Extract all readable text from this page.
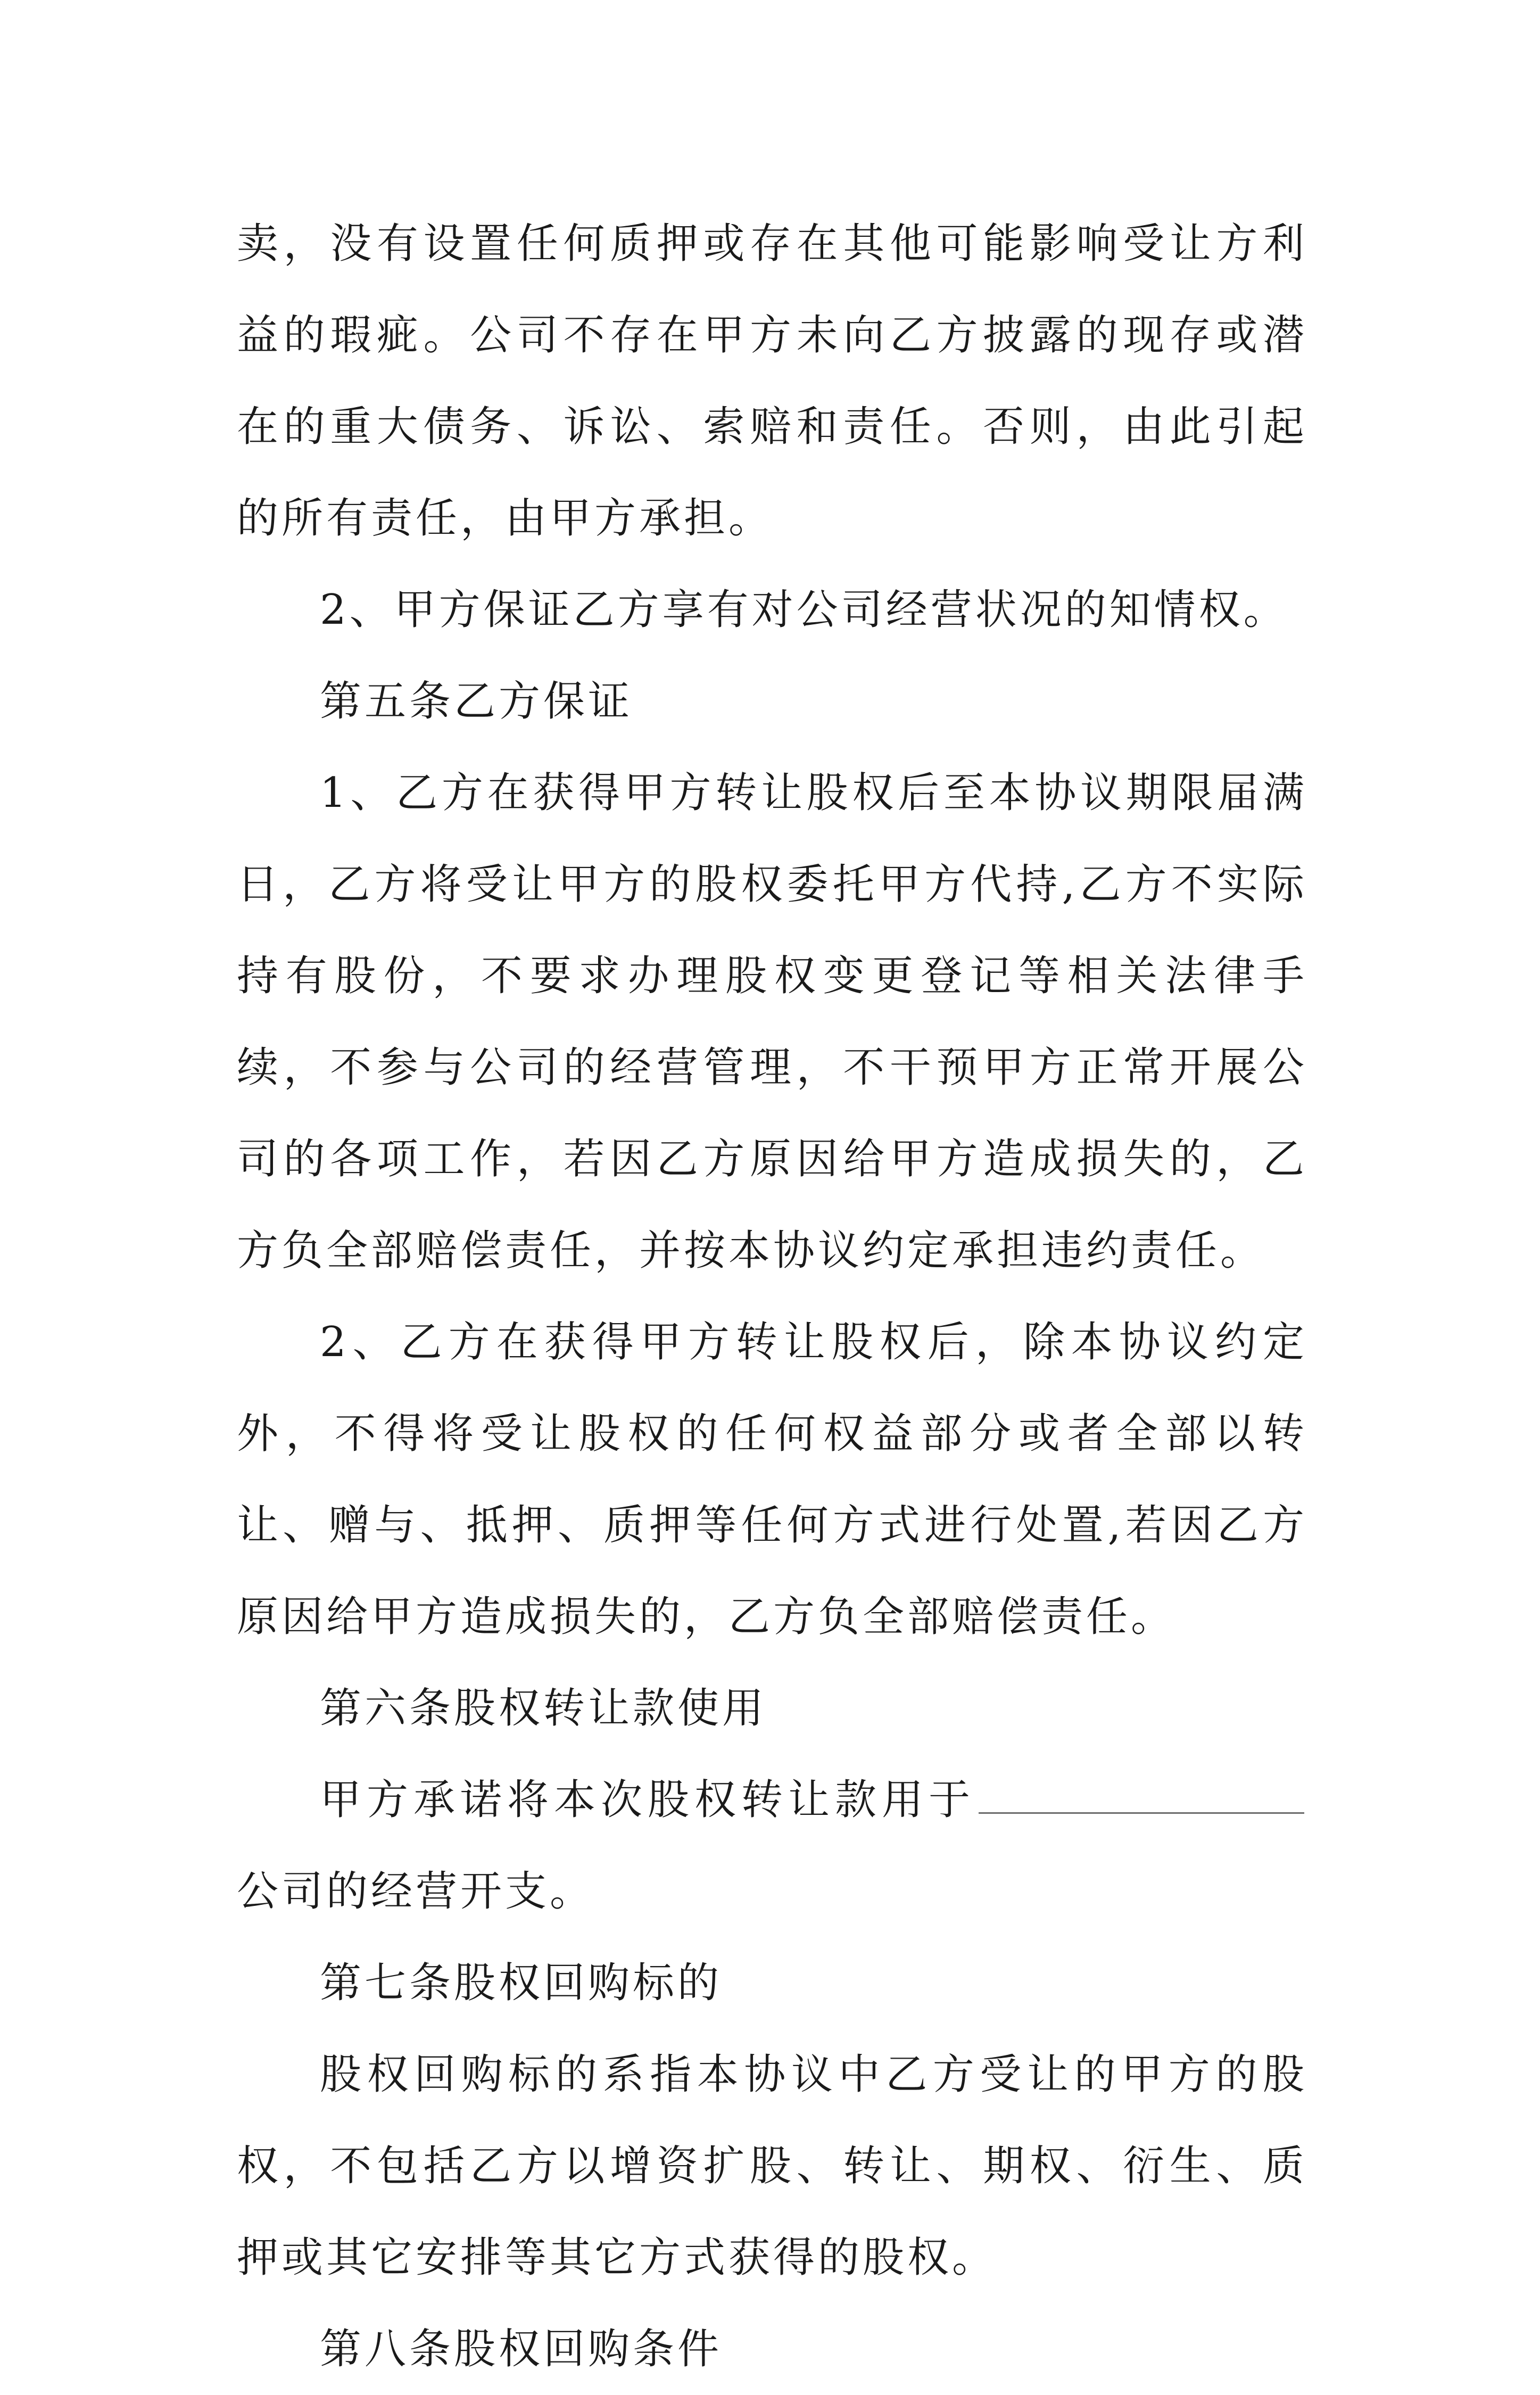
卖，没有设置任何质押或存在其他可能影响受让方利益的瑕疵。公司不存在甲方未向乙方披露的现存或潜在的重大债务、诉讼、索赔和责任。否则，由此引起的所有责任，由甲方承担。

2、甲方保证乙方享有对公司经营状况的知情权。

第五条乙方保证

1、乙方在获得甲方转让股权后至本协议期限届满日，乙方将受让甲方的股权委托甲方代持,乙方不实际持有股份，不要求办理股权变更登记等相关法律手续，不参与公司的经营管理，不干预甲方正常开展公司的各项工作，若因乙方原因给甲方造成损失的，乙方负全部赔偿责任，并按本协议约定承担违约责任。

2、乙方在获得甲方转让股权后，除本协议约定外，不得将受让股权的任何权益部分或者全部以转让、赠与、抵押、质押等任何方式进行处置,若因乙方原因给甲方造成损失的，乙方负全部赔偿责任。

第六条股权转让款使用

甲方承诺将本次股权转让款用于公司的经营开支。

第七条股权回购标的

股权回购标的系指本协议中乙方受让的甲方的股权，不包括乙方以增资扩股、转让、期权、衍生、质押或其它安排等其它方式获得的股权。

第八条股权回购条件
